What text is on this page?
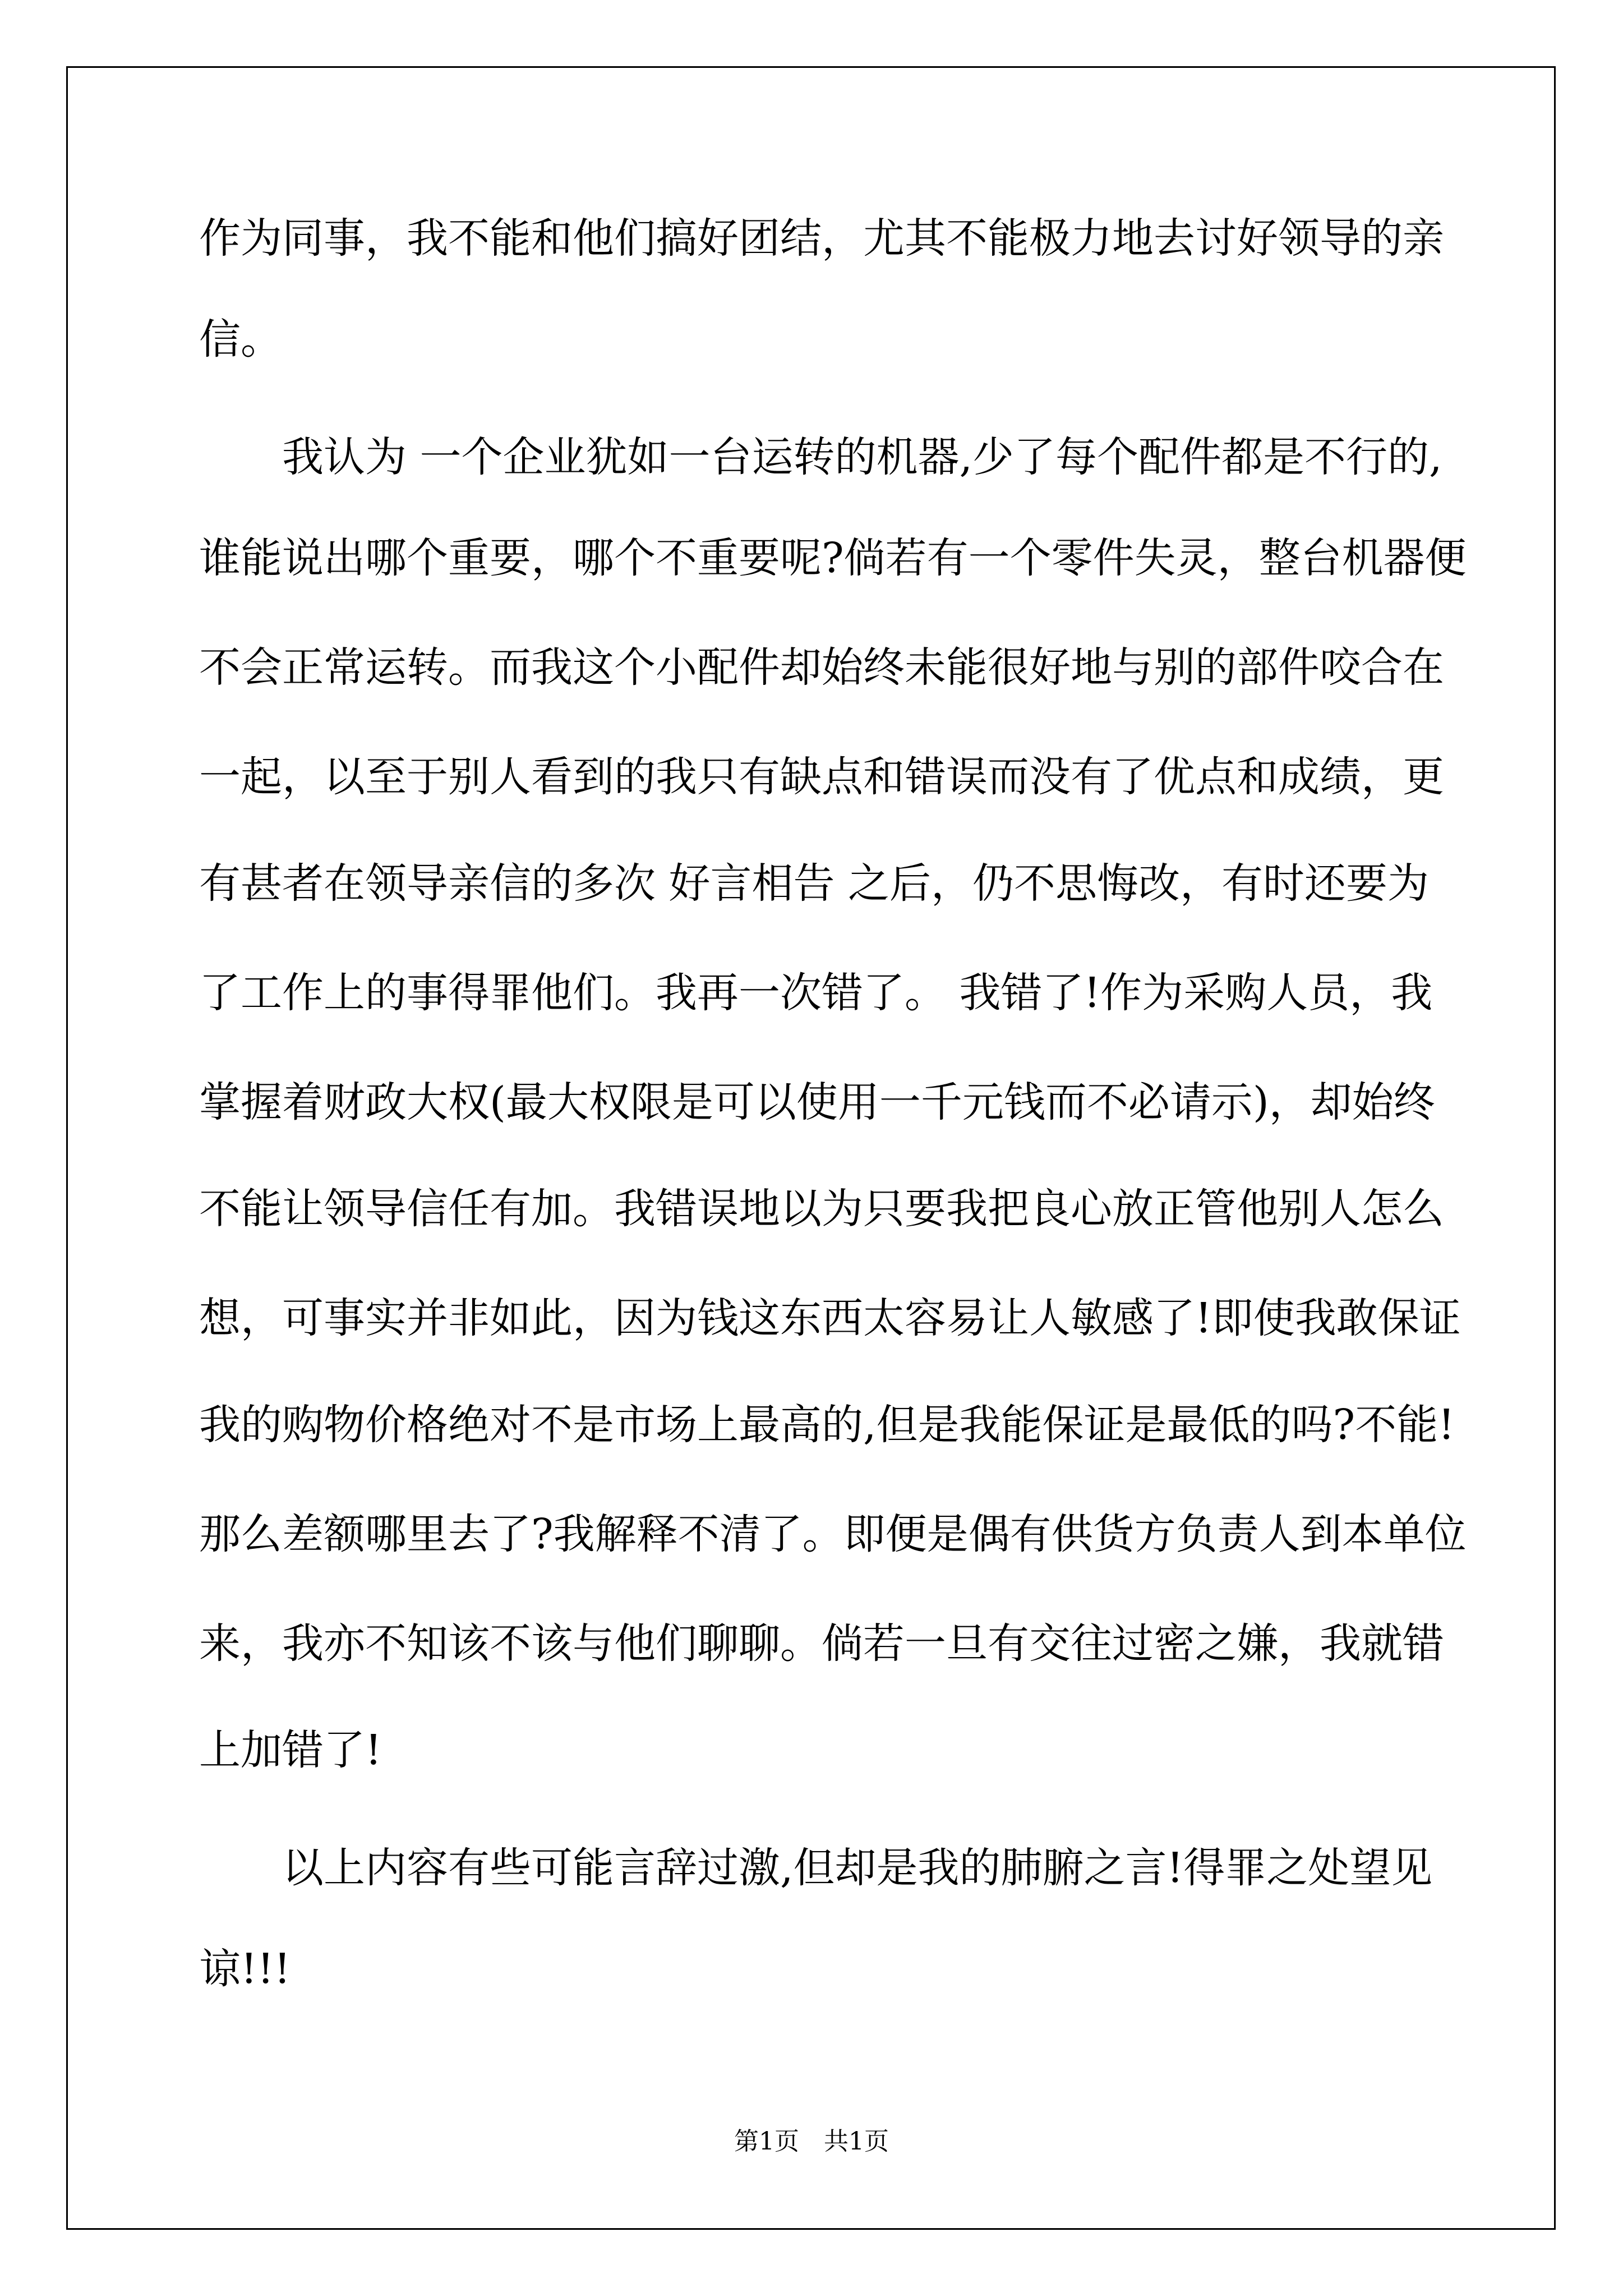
作为同事，我不能和他们搞好团结，尤其不能极力地去讨好领导的亲
信。
我认为 一个企业犹如一台运转的机器,少了每个配件都是不行的,
谁能说出哪个重要，哪个不重要呢?倘若有一个零件失灵，整台机器便
不会正常运转。而我这个小配件却始终未能很好地与别的部件咬合在
一起，以至于别人看到的我只有缺点和错误而没有了优点和成绩，更
有甚者在领导亲信的多次 好言相告 之后，仍不思悔改，有时还要为
了工作上的事得罪他们。我再一次错了。 我错了!作为采购人员，我
掌握着财政大权(最大权限是可以使用一千元钱而不必请示)，却始终
不能让领导信任有加。我错误地以为只要我把良心放正管他别人怎么
想，可事实并非如此，因为钱这东西太容易让人敏感了!即使我敢保证
我的购物价格绝对不是市场上最高的,但是我能保证是最低的吗?不能!
那么差额哪里去了?我解释不清了。即便是偶有供货方负责人到本单位
来，我亦不知该不该与他们聊聊。倘若一旦有交往过密之嫌，我就错
上加错了!
以上内容有些可能言辞过激,但却是我的肺腑之言!得罪之处望见
谅!!!
第1页　共1页
